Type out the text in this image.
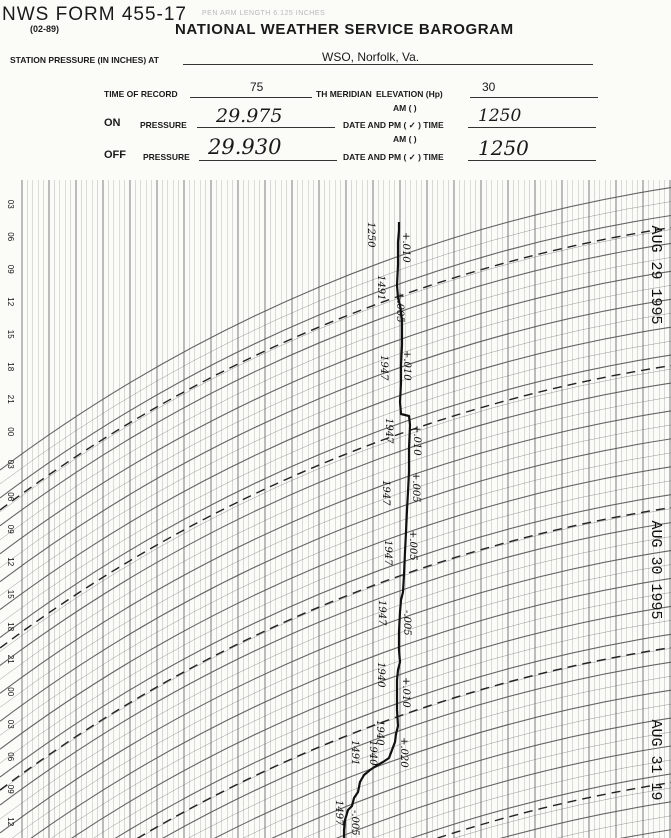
NWS FORM 455-17
(02-89)
PEN ARM LENGTH 6.125 INCHES
NATIONAL WEATHER SERVICE BAROGRAM
STATION PRESSURE (IN INCHES) AT	WSO, Norfolk, Va.
TIME OF RECORD	75	TH MERIDIAN ELEVATION (Hp)	30
ON PRESSURE 29.975	AM ( )
DATE AND PM ( ✓ ) TIME 1250
OFF PRESSURE 29.930	AM ( )
DATE AND PM ( ✓ ) TIME 1250
03
06
09
12
15
18
21
00
03
06
09
12
15
18
21
00
03
06
09
12
AUG 29 1995
AUG 30 1995
AUG 31 19
+.010
+.005
+.010
+.010
+.005
+.005
-.005
+.010
+.020
-.005
1250
1491
1947
1947
1947
1947
1947
1940
1940
1940
1491
1497
